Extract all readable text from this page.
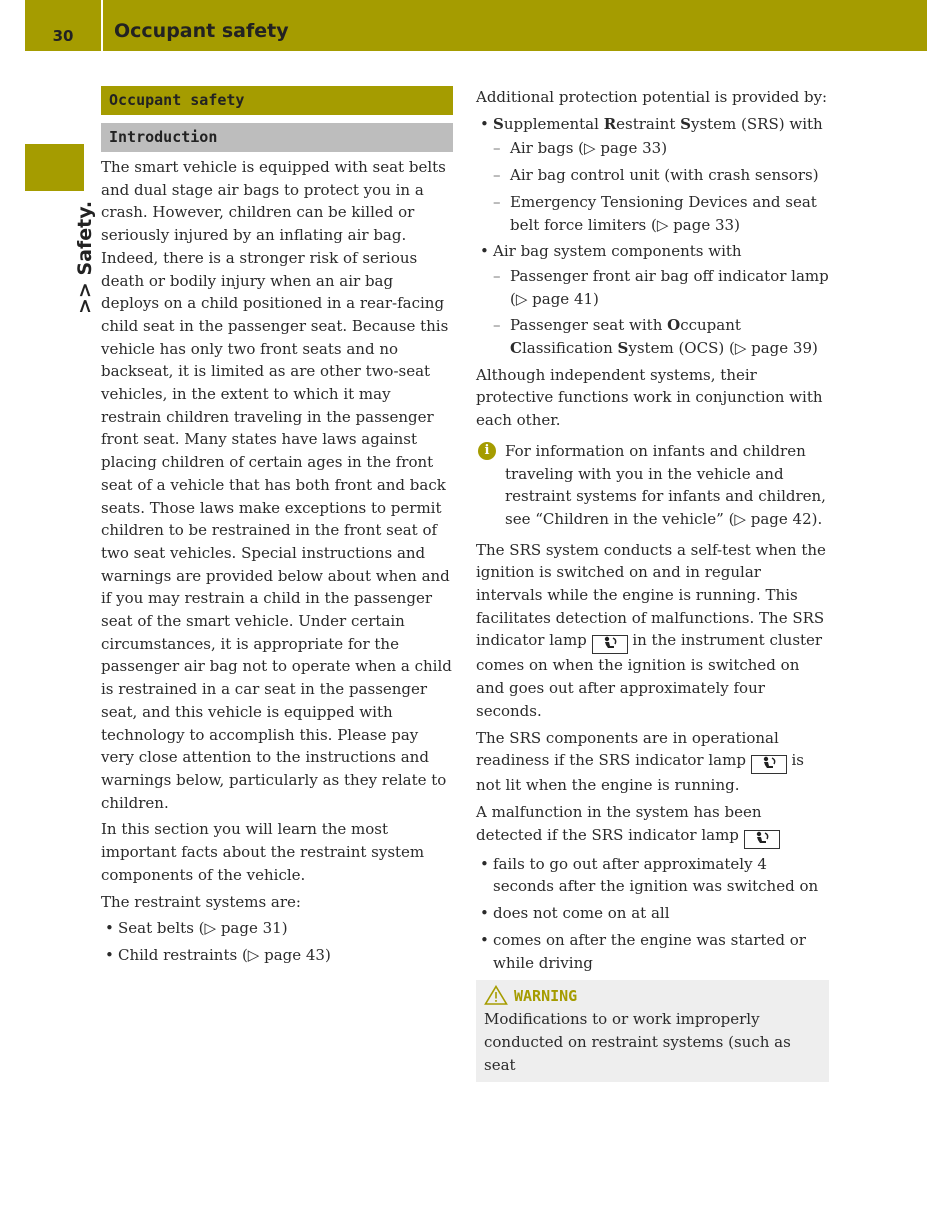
30	Occupant safety
>> Safety.
Occupant safety
Introduction

The smart vehicle is equipped with seat belts and dual stage air bags to protect you in a crash. However, children can be killed or seriously injured by an inflating air bag. Indeed, there is a stronger risk of serious death or bodily injury when an air bag deploys on a child positioned in a rear-facing child seat in the passenger seat. Because this vehicle has only two front seats and no backseat, it is limited as are other two-seat vehicles, in the extent to which it may restrain children traveling in the passenger front seat. Many states have laws against placing children of certain ages in the front seat of a vehicle that has both front and back seats. Those laws make exceptions to permit children to be restrained in the front seat of two seat vehicles. Special instructions and warnings are provided below about when and if you may restrain a child in the passenger seat of the smart vehicle. Under certain circumstances, it is appropriate for the passenger air bag not to operate when a child is restrained in a car seat in the passenger seat, and this vehicle is equipped with technology to accomplish this. Please pay very close attention to the instructions and warnings below, particularly as they relate to children.

In this section you will learn the most important facts about the restraint system components of the vehicle.

The restraint systems are:

• Seat belts (▷ page 31)
• Child restraints (▷ page 43)

Additional protection potential is provided by:

• Supplemental Restraint System (SRS) with
– Air bags (▷ page 33)
– Air bag control unit (with crash sensors)
– Emergency Tensioning Devices and seat belt force limiters (▷ page 33)
• Air bag system components with
– Passenger front air bag off indicator lamp (▷ page 41)
– Passenger seat with Occupant Classification System (OCS) (▷ page 39)

Although independent systems, their protective functions work in conjunction with each other.

i	For information on infants and children traveling with you in the vehicle and restraint systems for infants and children, see “Children in the vehicle” (▷ page 42).

The SRS system conducts a self-test when the ignition is switched on and in regular intervals while the engine is running. This facilitates detection of malfunctions. The SRS indicator lamp	in the instrument cluster comes on when the ignition is switched on and goes out after approximately four seconds.

The SRS components are in operational readiness if the SRS indicator lamp	is not lit when the engine is running.

A malfunction in the system has been detected if the SRS indicator lamp

• fails to go out after approximately 4 seconds after the ignition was switched on
• does not come on at all
• comes on after the engine was started or while driving
WARNING
Modifications to or work improperly conducted on restraint systems (such as seat
